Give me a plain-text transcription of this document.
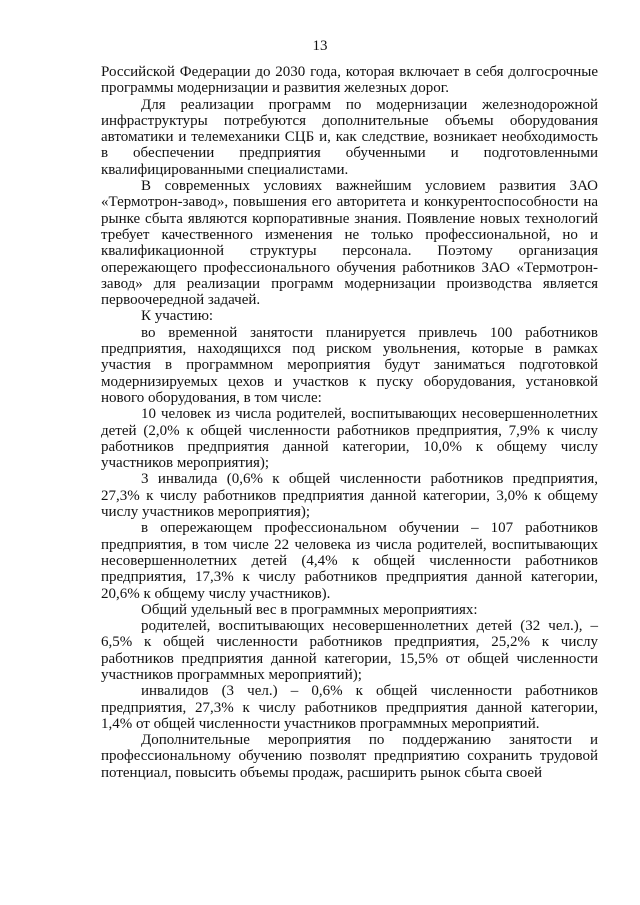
13

Российской Федерации до 2030 года, которая включает в себя долгосрочные программы модернизации и развития железных дорог.

Для реализации программ по модернизации железнодорожной инфраструктуры потребуются дополнительные объемы оборудования автоматики и телемеханики СЦБ и, как следствие, возникает необходимость в обеспечении предприятия обученными и подготовленными квалифицированными специалистами.

В современных условиях важнейшим условием развития ЗАО «Термотрон-завод», повышения его авторитета и конкурентоспособности на рынке сбыта являются корпоративные знания. Появление новых технологий требует качественного изменения не только профессиональной, но и квалификационной структуры персонала. Поэтому организация опережающего профессионального обучения работников ЗАО «Термотрон-завод» для реализации программ модернизации производства является первоочередной задачей.

К участию:

во временной занятости планируется привлечь 100 работников предприятия, находящихся под риском увольнения, которые в рамках участия в программном мероприятия будут заниматься подготовкой модернизируемых цехов и участков к пуску оборудования, установкой нового оборудования, в том числе:

10 человек из числа родителей, воспитывающих несовершеннолетних детей (2,0% к общей численности работников предприятия, 7,9% к числу работников предприятия данной категории, 10,0% к общему числу участников мероприятия);

3 инвалида (0,6% к общей численности работников предприятия, 27,3% к числу работников предприятия данной категории, 3,0% к общему числу участников мероприятия);

в опережающем профессиональном обучении – 107 работников предприятия, в том числе 22 человека из числа родителей, воспитывающих несовершеннолетних детей (4,4% к общей численности работников предприятия, 17,3% к числу работников предприятия данной категории, 20,6% к общему числу участников).

Общий удельный вес в программных мероприятиях:

родителей, воспитывающих несовершеннолетних детей (32 чел.), – 6,5% к общей численности работников предприятия, 25,2% к числу работников предприятия данной категории, 15,5% от общей численности участников программных мероприятий);

инвалидов (3 чел.) – 0,6% к общей численности работников предприятия, 27,3% к числу работников предприятия данной категории, 1,4% от общей численности участников программных мероприятий.

Дополнительные мероприятия по поддержанию занятости и профессиональному обучению позволят предприятию сохранить трудовой потенциал, повысить объемы продаж, расширить рынок сбыта своей
